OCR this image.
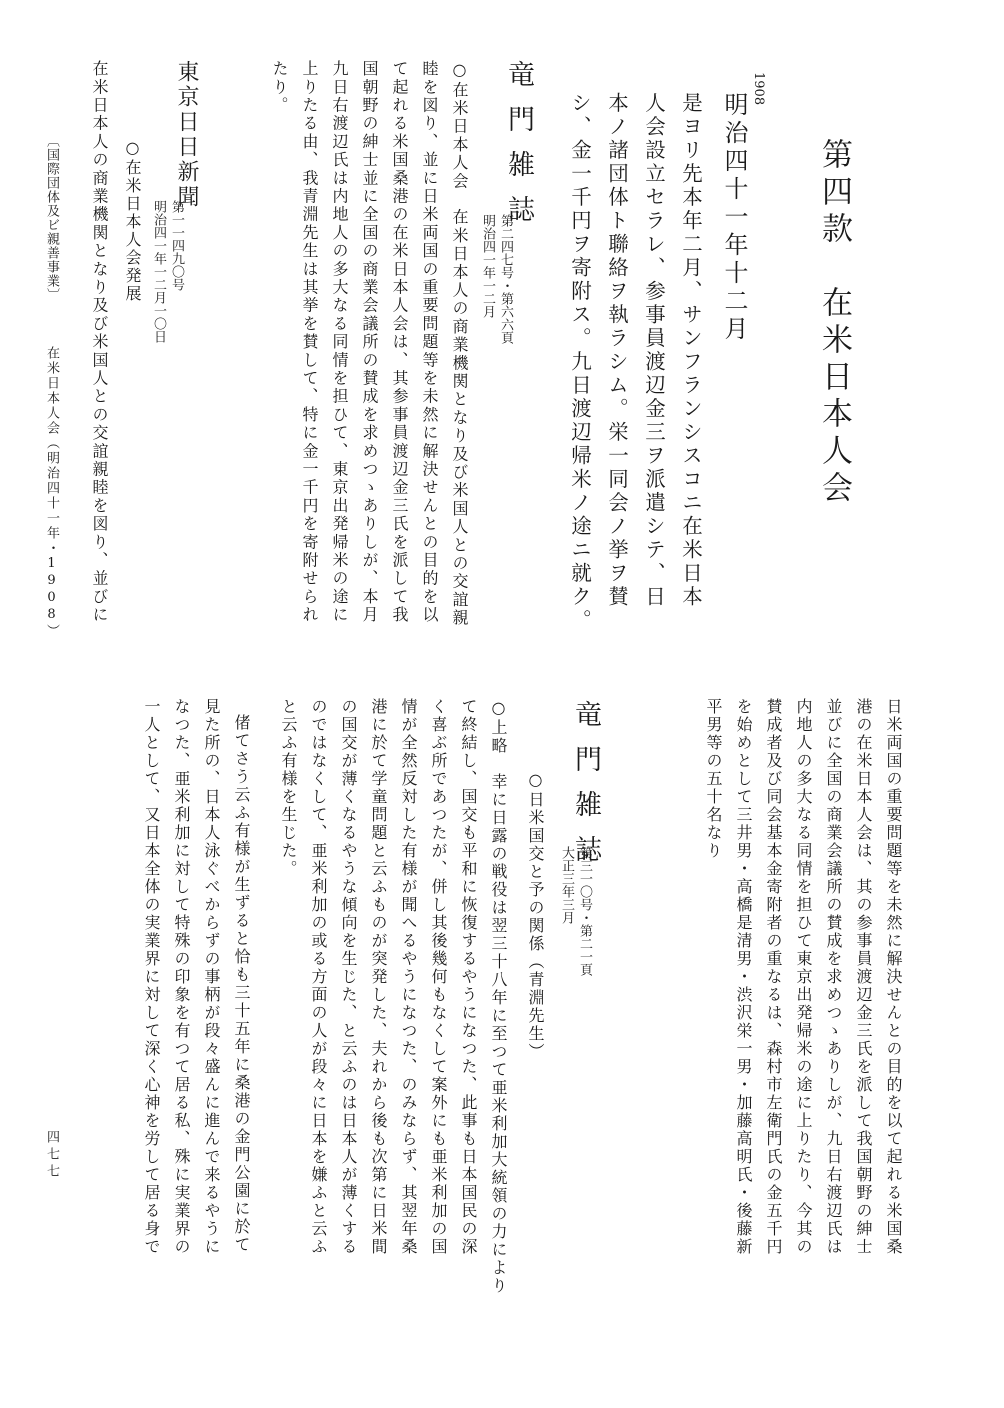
第四款　在米日本人会
1908
明治四十一年十二月
是ヨリ先本年二月、サンフランシスコニ在米日本
人会設立セラレ、参事員渡辺金三ヲ派遣シテ、日
本ノ諸団体ト聯絡ヲ執ラシム。栄一同会ノ挙ヲ賛
シ、金一千円ヲ寄附ス。九日渡辺帰米ノ途ニ就ク。
竜門雑誌
第二四七号・第六六頁
明治四一年一二月
○在米日本人会　在米日本人の商業機関となり及び米国人との交誼親
睦を図り、並に日米両国の重要問題等を未然に解決せんとの目的を以
て起れる米国桑港の在米日本人会は、其参事員渡辺金三氏を派して我
国朝野の紳士並に全国の商業会議所の賛成を求めつゝありしが、本月
九日右渡辺氏は内地人の多大なる同情を担ひて、東京出発帰米の途に
上りたる由、我青淵先生は其挙を賛して、特に金一千円を寄附せられ
たり。
東京日日新聞
第一一四九〇号
明治四一年一二月一〇日
○在米日本人会発展
在米日本人の商業機関となり及び米国人との交誼親睦を図り、並びに
〔国際団体及ビ親善事業〕
在米日本人会（明治四十一年・1908）
日米両国の重要問題等を未然に解決せんとの目的を以て起れる米国桑
港の在米日本人会は、其の参事員渡辺金三氏を派して我国朝野の紳士
並びに全国の商業会議所の賛成を求めつゝありしが、九日右渡辺氏は
内地人の多大なる同情を担ひて東京出発帰米の途に上りたり、今其の
賛成者及び同会基本金寄附者の重なるは、森村市左衛門氏の金五千円
を始めとして三井男・高橋是清男・渋沢栄一男・加藤高明氏・後藤新
平男等の五十名なり
竜門雑誌
第三一〇号・第二一頁
大正三年三月
○日米国交と予の関係（青淵先生）
○上略　幸に日露の戦役は翌三十八年に至つて亜米利加大統領の力により
て終結し、国交も平和に恢復するやうになつた、此事も日本国民の深
く喜ぶ所であつたが、併し其後幾何もなくして案外にも亜米利加の国
情が全然反対した有様が聞へるやうになつた、のみならず、其翌年桑
港に於て学童問題と云ふものが突発した、夫れから後も次第に日米間
の国交が薄くなるやうな傾向を生じた、と云ふのは日本人が薄くする
のではなくして、亜米利加の或る方面の人が段々に日本を嫌ふと云ふ
と云ふ有様を生じた。
偖てさう云ふ有様が生ずると恰も三十五年に桑港の金門公園に於て
見た所の、日本人泳ぐべからずの事柄が段々盛んに進んで来るやうに
なつた、亜米利加に対して特殊の印象を有つて居る私、殊に実業界の
一人として、又日本全体の実業界に対して深く心神を労して居る身で
四七七
